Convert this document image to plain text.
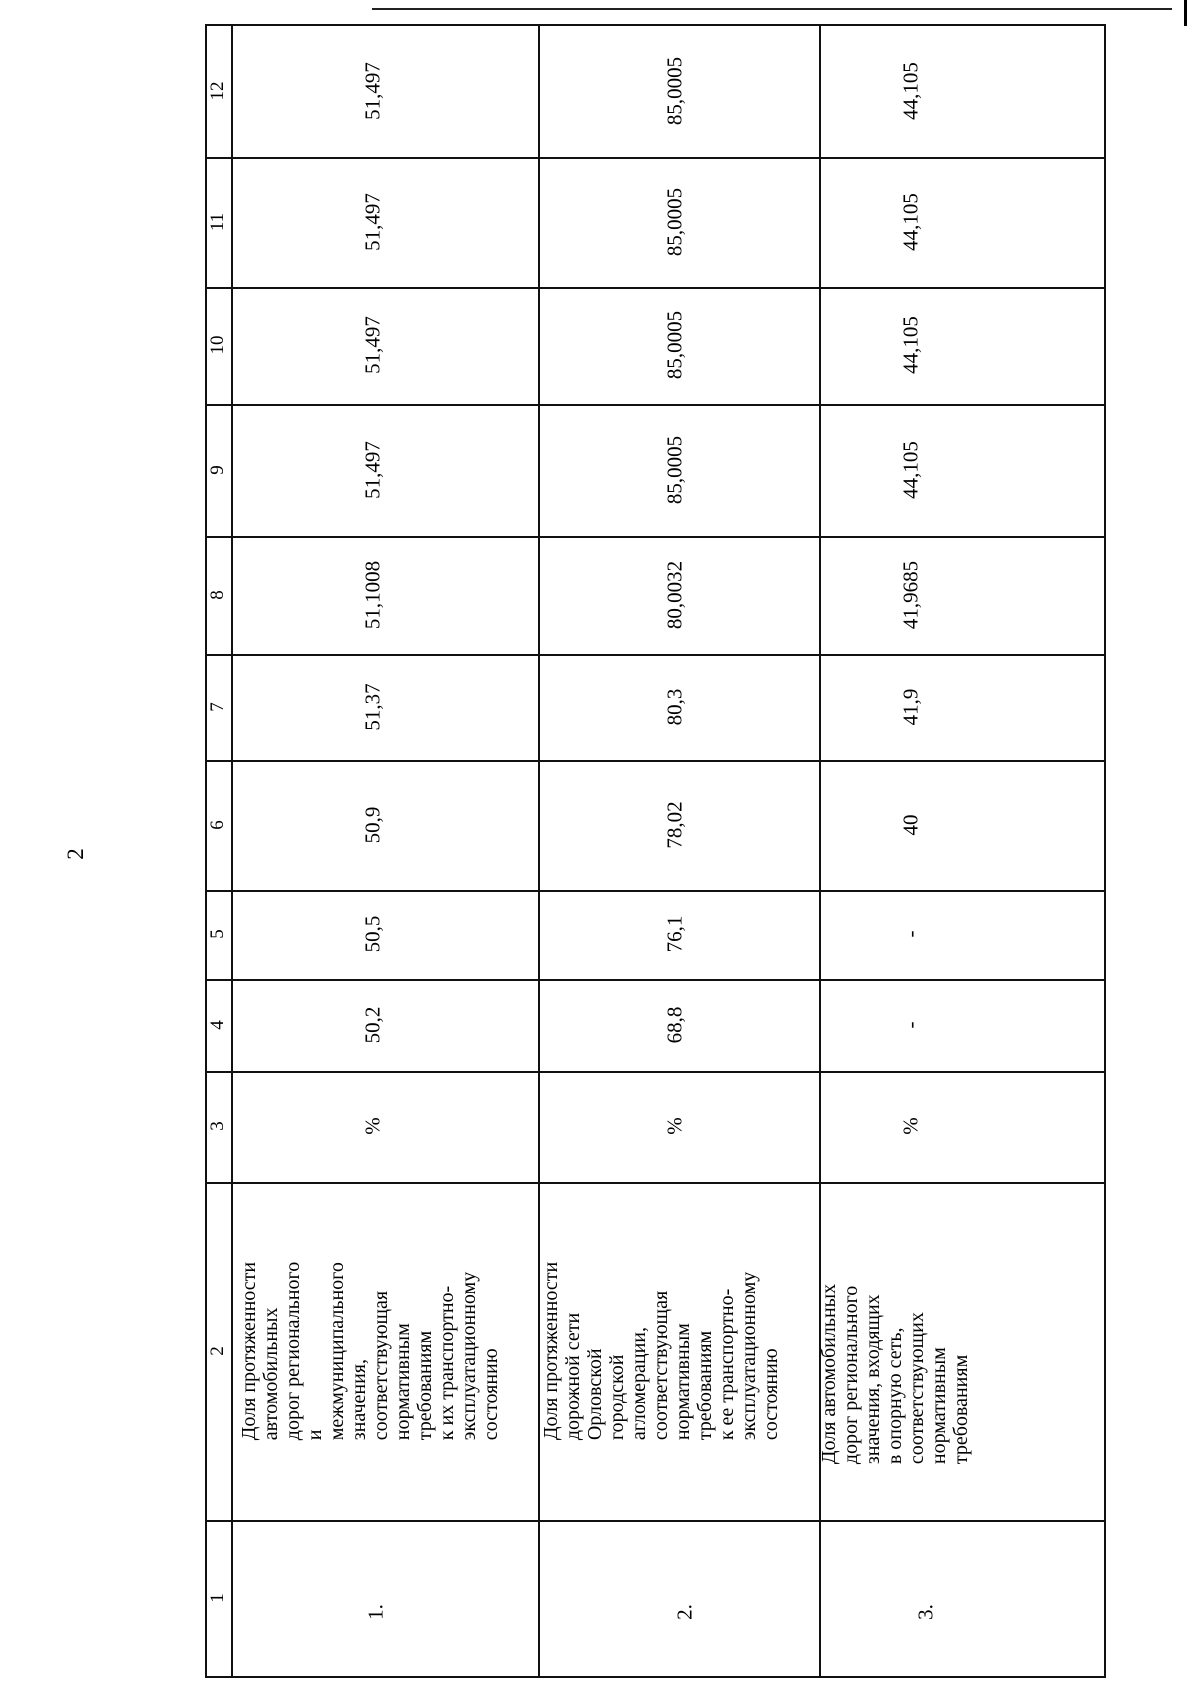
2
1
2
3
4
5
6
7
8
9
10
11
12
1.
Доля протяженности автомобильных дорог регионального и межмуниципального значения, соответствующая нормативным требованиям к их транспортно- эксплуатационному состоянию
%
50,2
50,5
50,9
51,37
51,1008
51,497
51,497
51,497
51,497
2.
Доля протяженности дорожной сети Орловской городской агломерации, соответствующая нормативным требованиям к ее транспортно- эксплуатационному состоянию
%
68,8
76,1
78,02
80,3
80,0032
85,0005
85,0005
85,0005
85,0005
3.
Доля автомобильных дорог регионального значения, входящих в опорную сеть, соответствующих нормативным требованиям
%
-
-
40
41,9
41,9685
44,105
44,105
44,105
44,105
